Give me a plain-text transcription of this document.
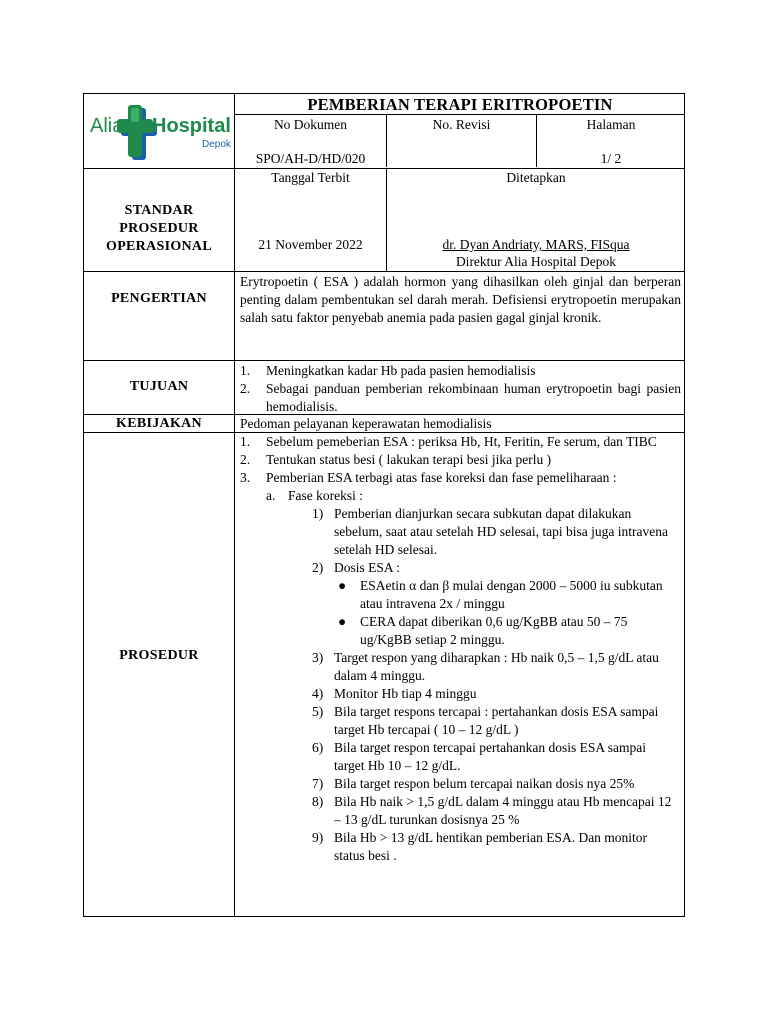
Alia Hospital
Depok
PEMBERIAN TERAPI ERITROPOETIN
No Dokumen
SPO/AH-D/HD/020
No. Revisi	Halaman
1/ 2
STANDAR
PROSEDUR
OPERASIONAL
Tanggal Terbit
21 November 2022
Ditetapkan
dr. Dyan Andriaty, MARS, FISqua
Direktur Alia Hospital Depok
PENGERTIAN
Erytropoetin ( ESA ) adalah hormon yang dihasilkan oleh ginjal dan berperan penting dalam pembentukan sel darah merah. Defisiensi erytropoetin merupakan salah satu faktor penyebab anemia pada pasien gagal ginjal kronik.
TUJUAN
1. Meningkatkan kadar Hb pada pasien hemodialisis
2. Sebagai panduan pemberian rekombinaan human erytropoetin bagi pasien hemodialisis.
KEBIJAKAN	Pedoman pelayanan keperawatan hemodialisis
PROSEDUR
1. Sebelum pemeberian ESA : periksa Hb, Ht, Feritin, Fe serum, dan TIBC
2. Tentukan status besi ( lakukan terapi besi jika perlu )
3. Pemberian ESA terbagi atas fase koreksi dan fase pemeliharaan :
a. Fase koreksi :
1) Pemberian dianjurkan secara subkutan dapat dilakukan sebelum, saat atau setelah HD selesai, tapi bisa juga intravena setelah HD selesai.
2) Dosis ESA :
● ESAetin α dan β mulai dengan 2000 – 5000 iu subkutan atau intravena 2x / minggu
● CERA dapat diberikan 0,6 ug/KgBB atau 50 – 75 ug/KgBB setiap 2 minggu.
3) Target respon yang diharapkan : Hb naik 0,5 – 1,5 g/dL atau dalam 4 minggu.
4) Monitor Hb tiap 4 minggu
5) Bila target respons tercapai : pertahankan dosis ESA sampai target Hb tercapai ( 10 – 12 g/dL )
6) Bila target respon tercapai pertahankan dosis ESA sampai target Hb 10 – 12 g/dL.
7) Bila target respon belum tercapai naikan dosis nya 25%
8) Bila Hb naik > 1,5 g/dL dalam 4 minggu atau Hb mencapai 12 – 13 g/dL turunkan dosisnya 25 %
9) Bila Hb > 13 g/dL hentikan pemberian ESA. Dan monitor status besi .
